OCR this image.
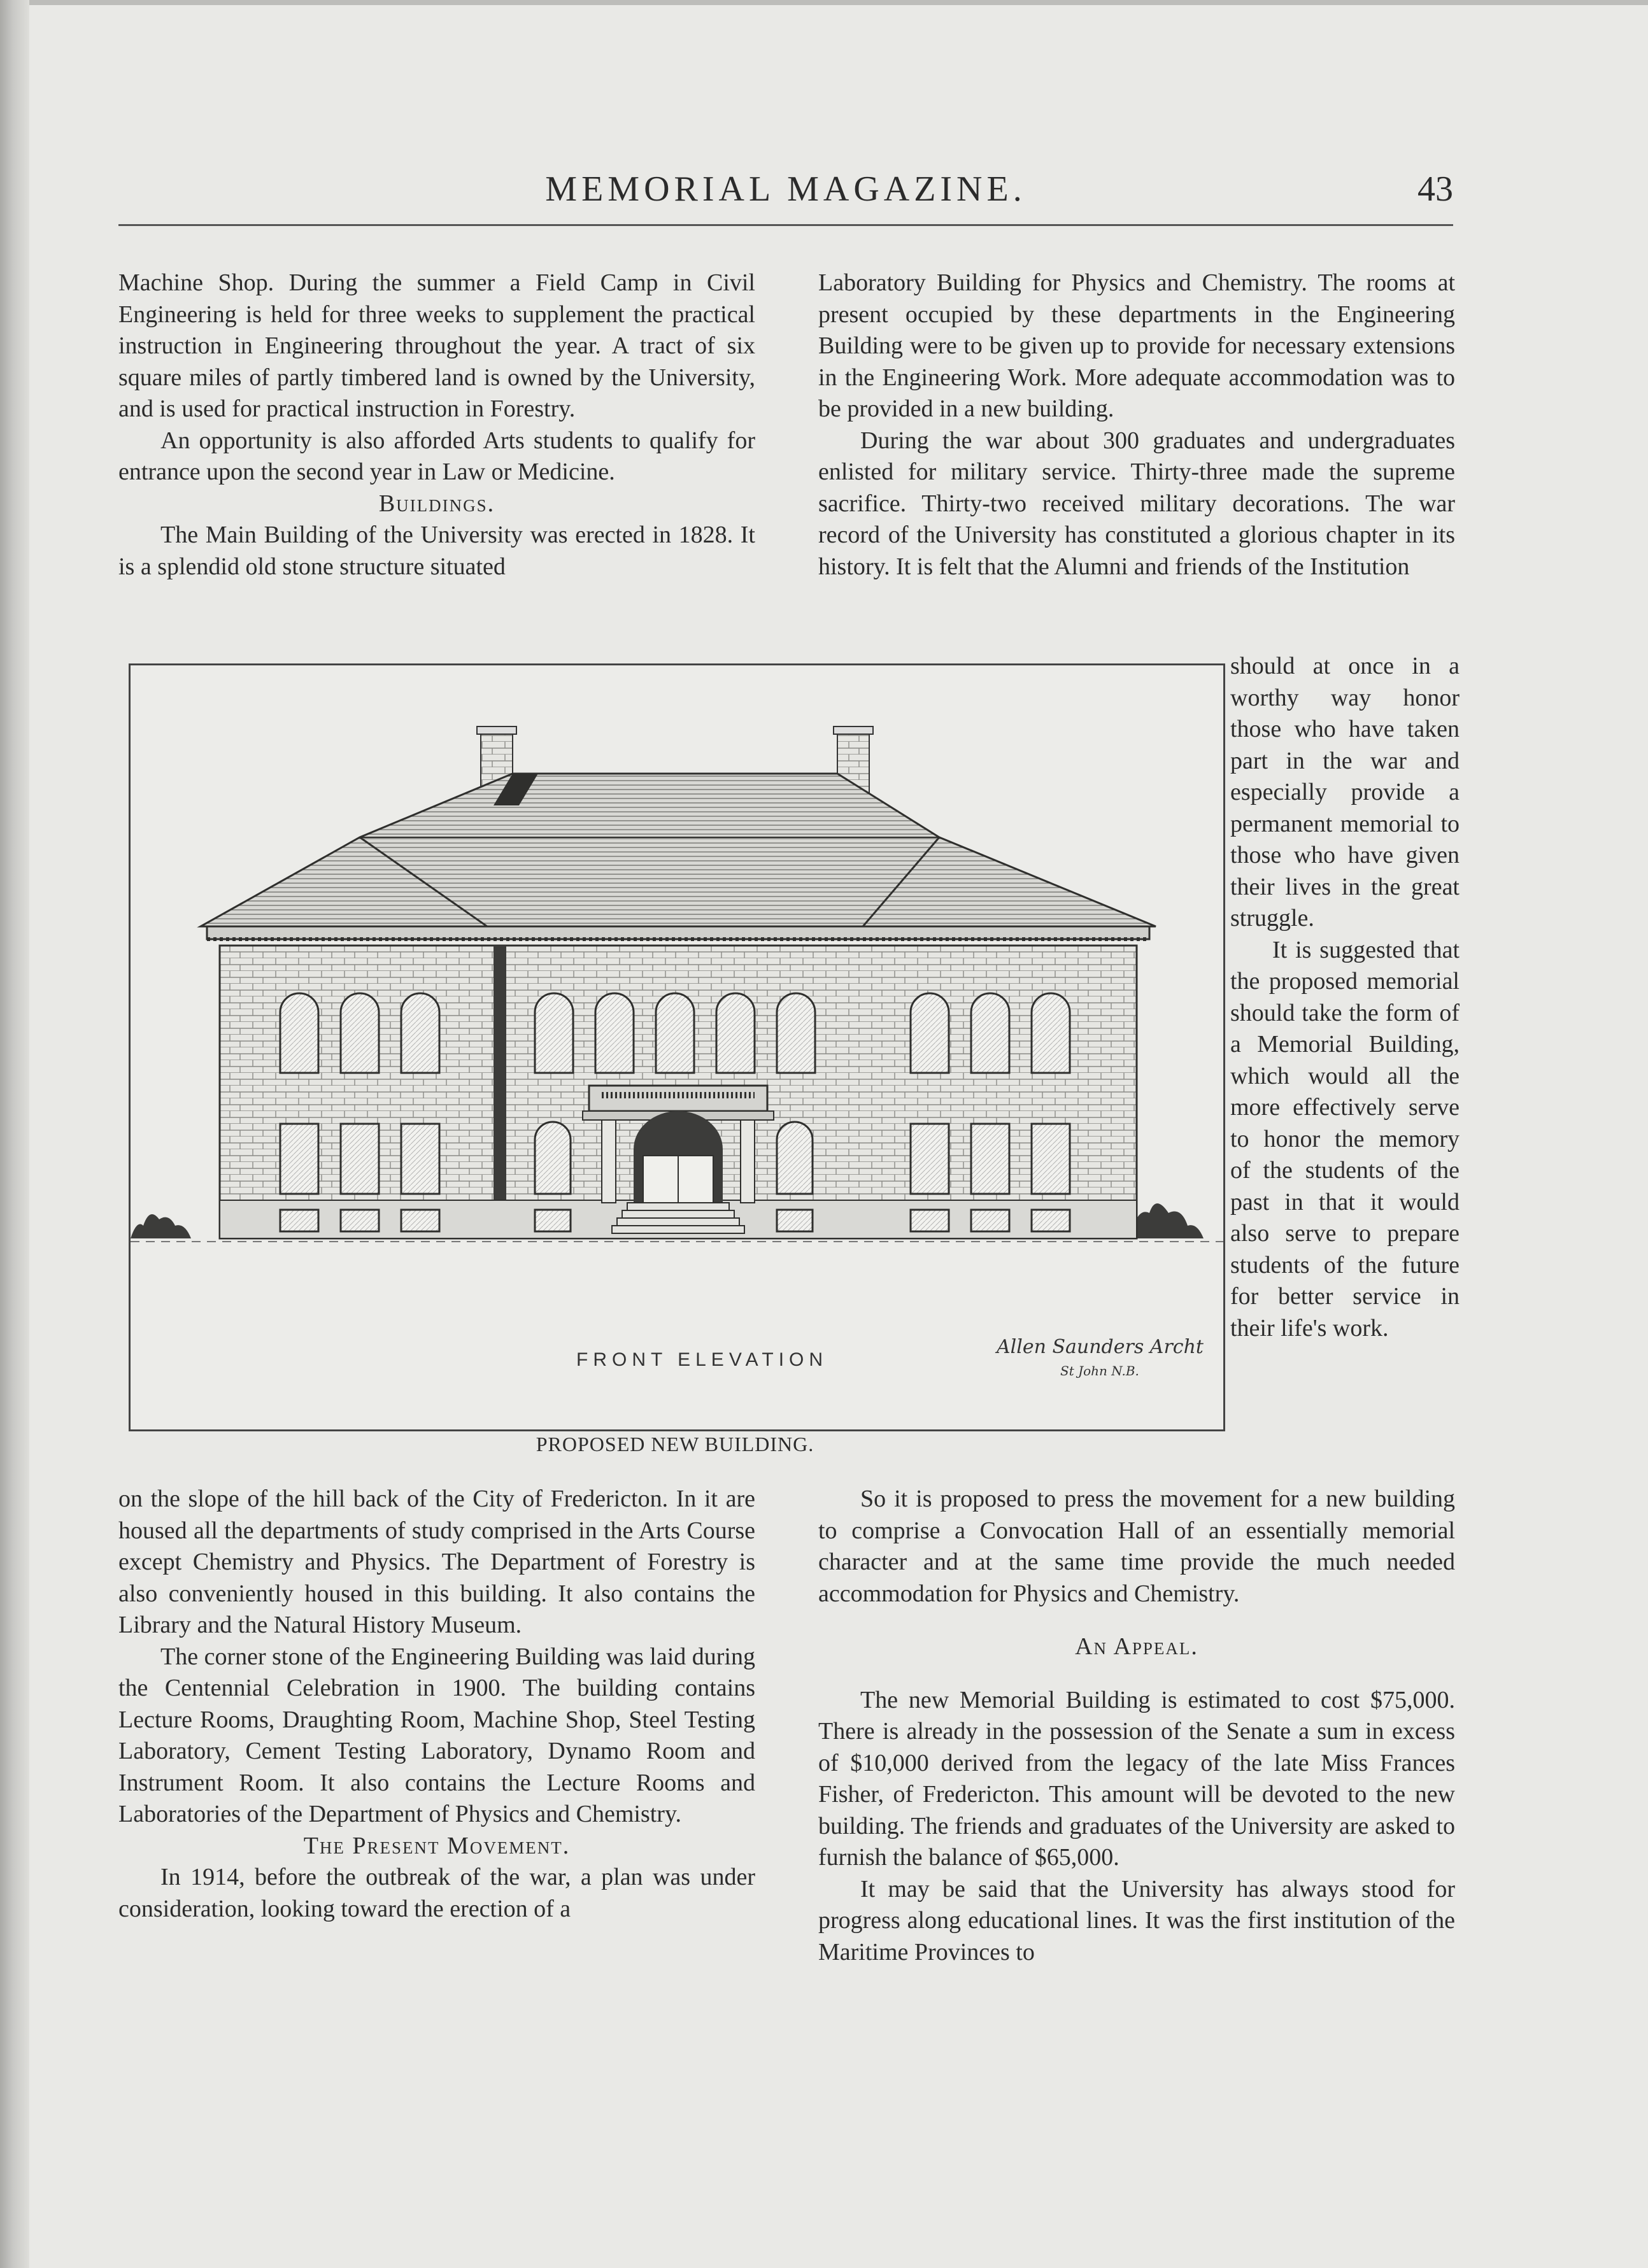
MEMORIAL MAGAZINE.	43

Machine Shop. During the summer a Field Camp in Civil Engineering is held for three weeks to supplement the practical instruction in Engineering throughout the year. A tract of six square miles of partly timbered land is owned by the University, and is used for practical instruction in Forestry.

An opportunity is also afforded Arts students to qualify for entrance upon the second year in Law or Medicine.

Buildings.

The Main Building of the University was erected in 1828. It is a splendid old stone structure situated

Laboratory Building for Physics and Chemistry. The rooms at present occupied by these departments in the Engineering Building were to be given up to provide for necessary extensions in the Engineering Work. More adequate accommodation was to be provided in a new building.

During the war about 300 graduates and undergraduates enlisted for military service. Thirty-three made the supreme sacrifice. Thirty-two received military decorations. The war record of the University has constituted a glorious chapter in its history. It is felt that the Alumni and friends of the Institution

should at once in a worthy way honor those who have taken part in the war and especially provide a permanent memorial to those who have given their lives in the great struggle.

It is suggested that the proposed memorial should take the form of a Memorial Building, which would all the more effectively serve to honor the memory of the students of the past in that it would also serve to prepare students of the future for better service in their life's work.

FRONT ELEVATION
Allen Saunders Archt
St John N.B.
PROPOSED NEW BUILDING.

on the slope of the hill back of the City of Fredericton. In it are housed all the departments of study comprised in the Arts Course except Chemistry and Physics. The Department of Forestry is also conveniently housed in this building. It also contains the Library and the Natural History Museum.

The corner stone of the Engineering Building was laid during the Centennial Celebration in 1900. The building contains Lecture Rooms, Draughting Room, Machine Shop, Steel Testing Laboratory, Cement Testing Laboratory, Dynamo Room and Instrument Room. It also contains the Lecture Rooms and Laboratories of the Department of Physics and Chemistry.

The Present Movement.

In 1914, before the outbreak of the war, a plan was under consideration, looking toward the erection of a

So it is proposed to press the movement for a new building to comprise a Convocation Hall of an essentially memorial character and at the same time provide the much needed accommodation for Physics and Chemistry.

An Appeal.

The new Memorial Building is estimated to cost $75,000. There is already in the possession of the Senate a sum in excess of $10,000 derived from the legacy of the late Miss Frances Fisher, of Fredericton. This amount will be devoted to the new building. The friends and graduates of the University are asked to furnish the balance of $65,000.

It may be said that the University has always stood for progress along educational lines. It was the first institution of the Maritime Provinces to
